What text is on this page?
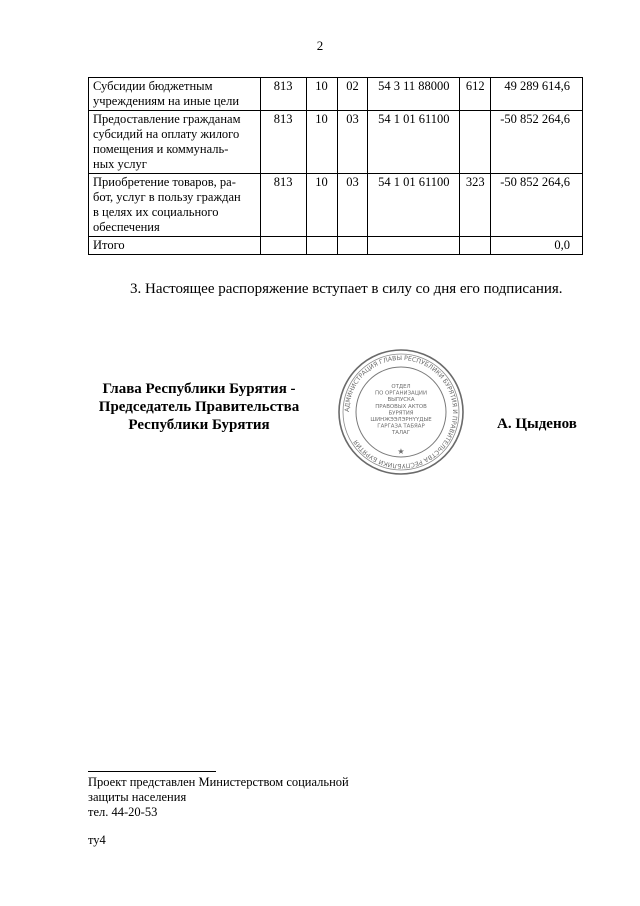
2
Субсидии бюджетным
учреждениям на иные цели	813	10	02	54 3 11 88000	612	49 289 614,6

Предоставление гражданам
субсидий на оплату жилого
помещения и коммуналь-
ных услуг	813	10	03	54 1 01 61100		-50 852 264,6

Приобретение товаров, ра-
бот, услуг в пользу граждан
в целях их социального
обеспечения	813	10	03	54 1 01 61100	323	-50 852 264,6

Итого						0,0
3. Настоящее распоряжение вступает в силу со дня его подписания.
Глава Республики Бурятия -
Председатель Правительства
Республики Бурятия
АДМИНИСТРАЦИЯ ГЛАВЫ РЕСПУБЛИКИ БУРЯТИЯ И ПРАВИТЕЛЬСТВА РЕСПУБЛИКИ БУРЯТИЯ
ОТДЕЛ
ПО ОРГАНИЗАЦИИ
ВЫПУСКА
ПРАВОВЫХ АКТОВ
БУРЯТИЯ
ШИНЖЭЭЛЭРНҮҮДЫЕ
ГАРГАЗА ТАБЯАР
ТАЛАГ
★
А. Цыденов
Проект представлен Министерством социальной
защиты населения
тел. 44-20-53
ту4
